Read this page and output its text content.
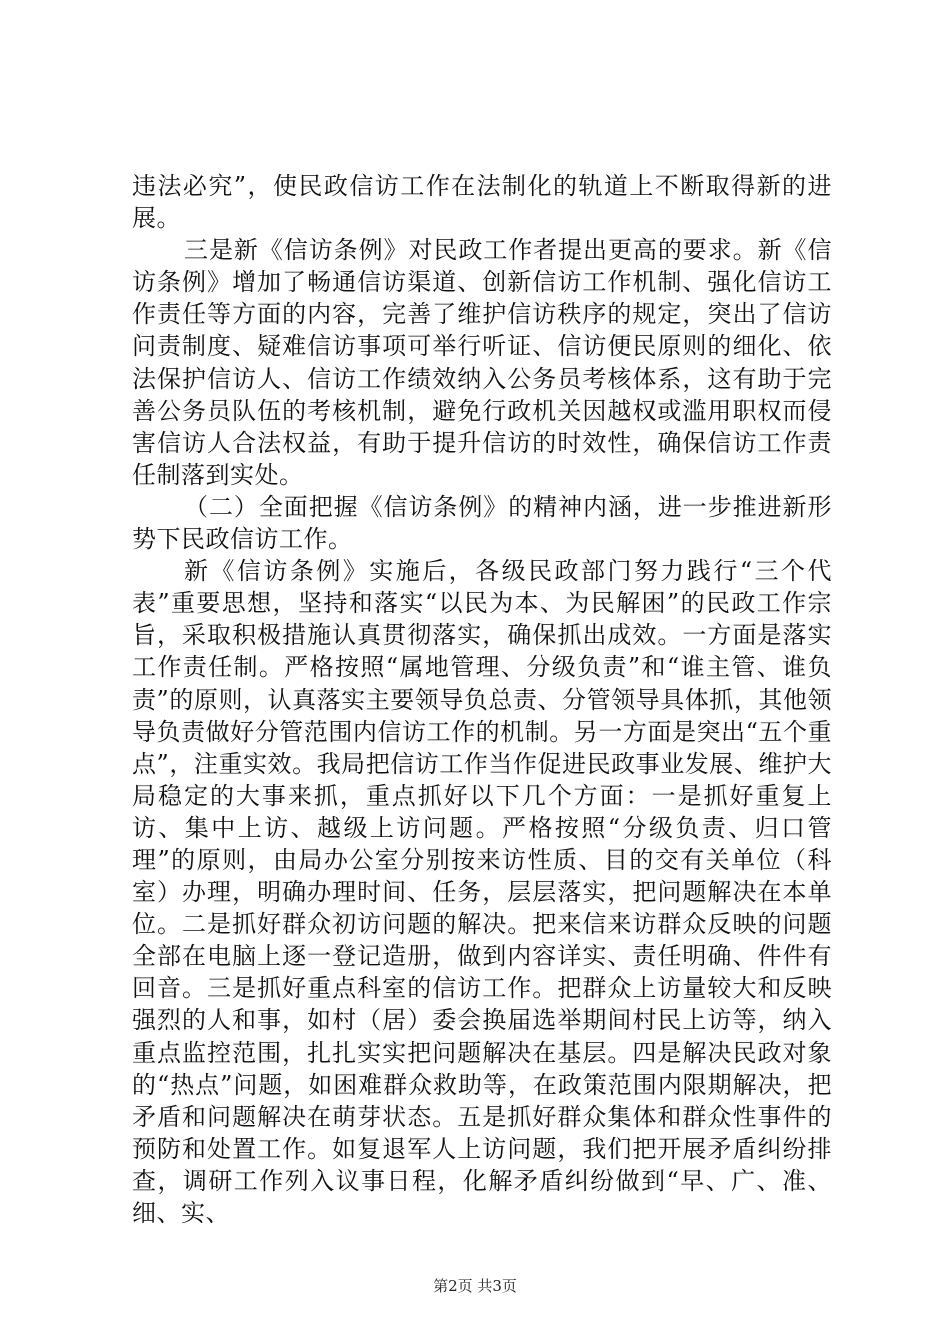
违法必究”，使民政信访工作在法制化的轨道上不断取得新的进展。

三是新《信访条例》对民政工作者提出更高的要求。新《信访条例》增加了畅通信访渠道、创新信访工作机制、强化信访工作责任等方面的内容，完善了维护信访秩序的规定，突出了信访问责制度、疑难信访事项可举行听证、信访便民原则的细化、依法保护信访人、信访工作绩效纳入公务员考核体系，这有助于完善公务员队伍的考核机制，避免行政机关因越权或滥用职权而侵害信访人合法权益，有助于提升信访的时效性，确保信访工作责任制落到实处。

（二）全面把握《信访条例》的精神内涵，进一步推进新形势下民政信访工作。

新《信访条例》实施后，各级民政部门努力践行“三个代表”重要思想，坚持和落实“以民为本、为民解困”的民政工作宗旨，采取积极措施认真贯彻落实，确保抓出成效。一方面是落实工作责任制。严格按照“属地管理、分级负责”和“谁主管、谁负责”的原则，认真落实主要领导负总责、分管领导具体抓，其他领导负责做好分管范围内信访工作的机制。另一方面是突出“五个重点”，注重实效。我局把信访工作当作促进民政事业发展、维护大局稳定的大事来抓，重点抓好以下几个方面：一是抓好重复上访、集中上访、越级上访问题。严格按照“分级负责、归口管理”的原则，由局办公室分别按来访性质、目的交有关单位（科室）办理，明确办理时间、任务，层层落实，把问题解决在本单位。二是抓好群众初访问题的解决。把来信来访群众反映的问题全部在电脑上逐一登记造册，做到内容详实、责任明确、件件有回音。三是抓好重点科室的信访工作。把群众上访量较大和反映强烈的人和事，如村（居）委会换届选举期间村民上访等，纳入重点监控范围，扎扎实实把问题解决在基层。四是解决民政对象的“热点”问题，如困难群众救助等，在政策范围内限期解决，把矛盾和问题解决在萌芽状态。五是抓好群众集体和群众性事件的预防和处置工作。如复退军人上访问题，我们把开展矛盾纠纷排查，调研工作列入议事日程，化解矛盾纠纷做到“早、广、准、细、实、

第2页 共3页
